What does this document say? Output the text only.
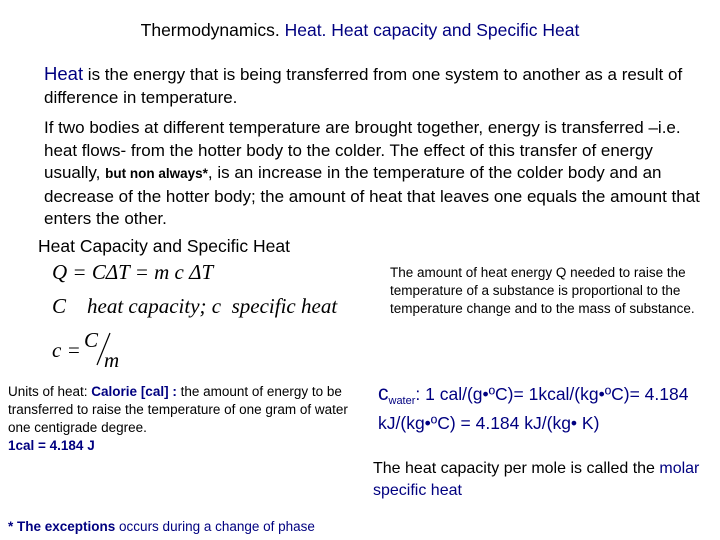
Thermodynamics. Heat. Heat capacity and Specific Heat
Heat is the energy that is being transferred from one system to another as a result of difference in temperature.
If two bodies at different temperature are brought together, energy is transferred –i.e. heat flows- from the hotter body to the colder. The effect of this transfer of energy usually, but non always*, is an increase in the temperature of the colder body and an decrease of the hotter body; the amount of heat that leaves one equals the amount that enters the other.
Heat Capacity and Specific Heat
Q = CΔT = m c ΔT
C    heat capacity; c  specific heat
c = C
m
The amount of heat energy Q needed to raise the temperature of a substance is proportional to the temperature change and to the mass of substance.
Units of heat: Calorie [cal] : the amount of energy to be transferred to raise the temperature of one gram of water one centigrade degree.
1cal = 4.184 J
$c_{water}$: 1 cal/(g•ºC)= 1kcal/(kg•ºC)= 4.184 kJ/(kg•ºC) = 4.184 kJ/(kg• K)
The heat capacity per mole is called the molar specific heat
* The exceptions occurs during a change of phase
